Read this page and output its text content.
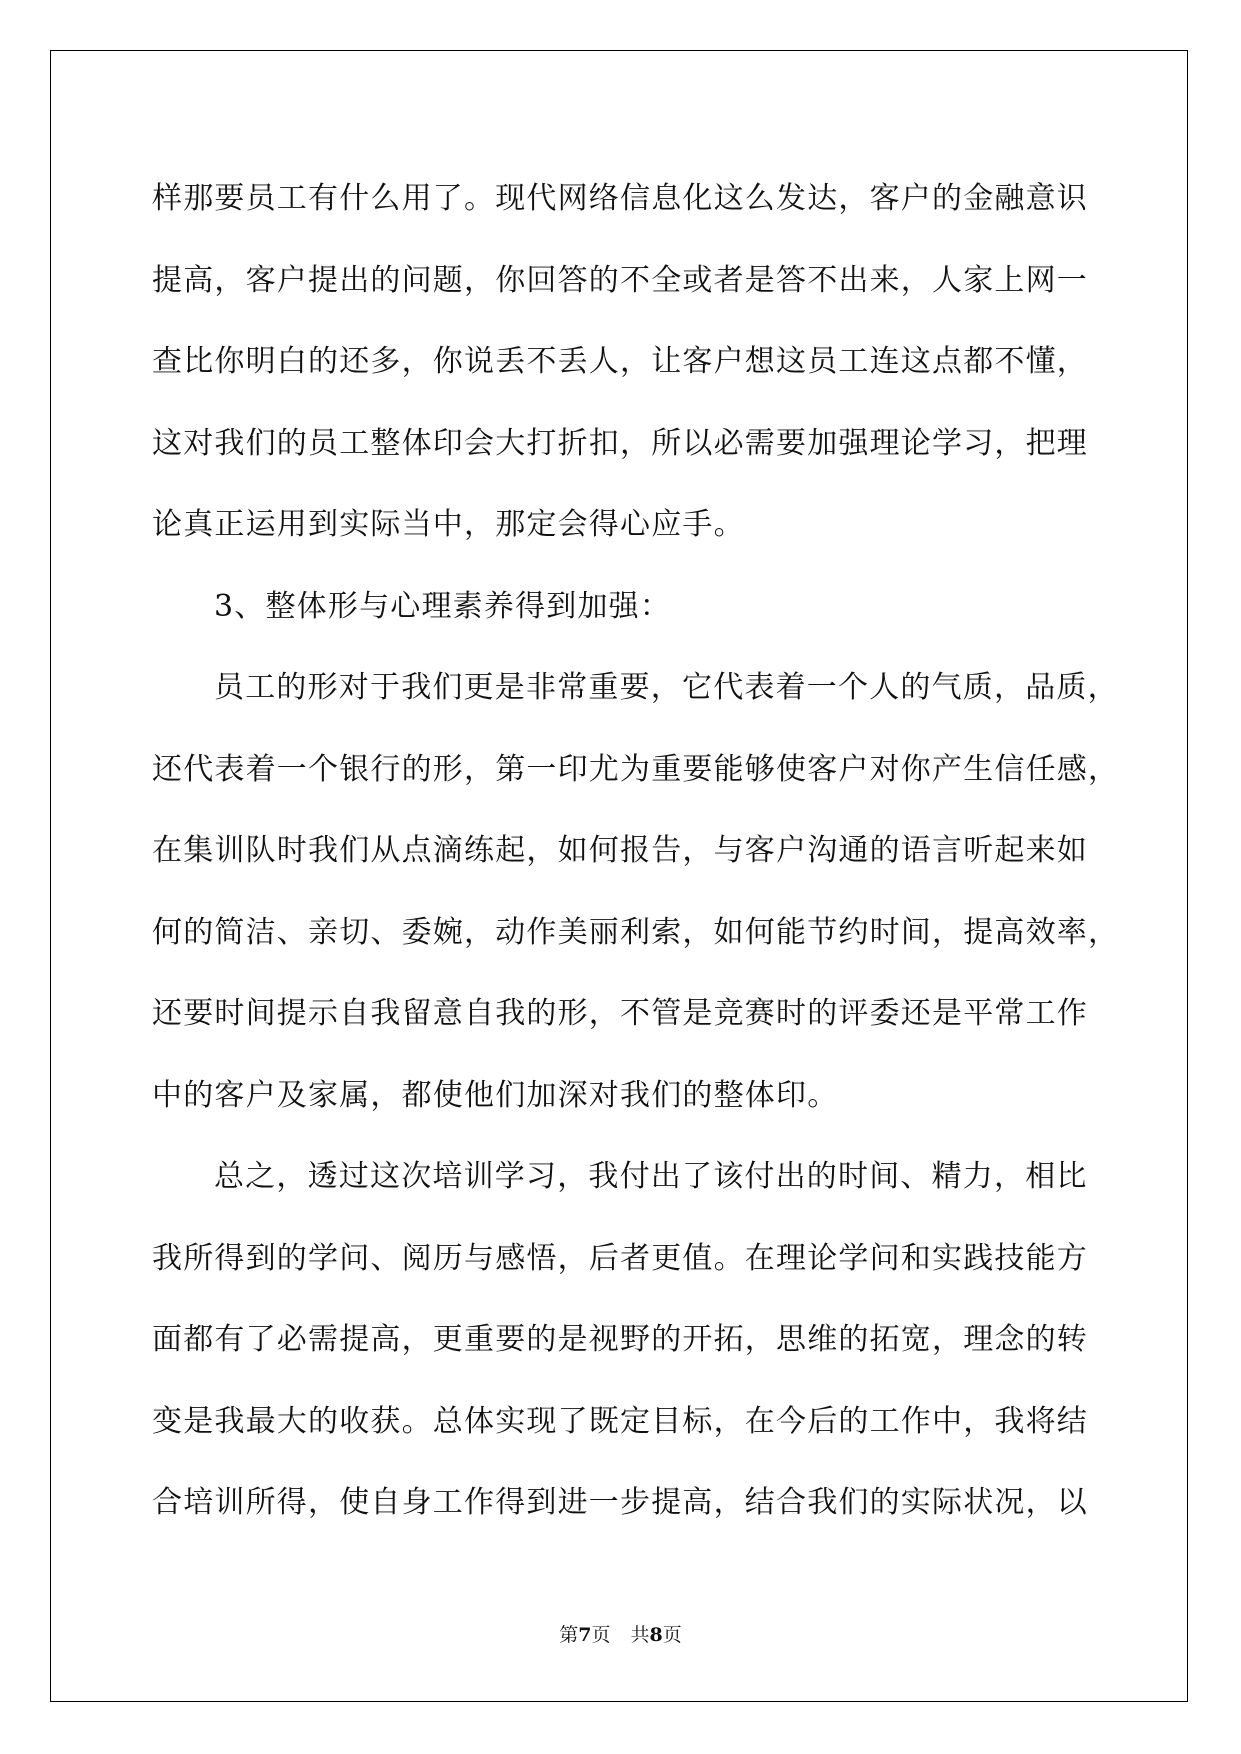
样那要员工有什么用了。现代网络信息化这么发达，客户的金融意识
提高，客户提出的问题，你回答的不全或者是答不出来，人家上网一
查比你明白的还多，你说丢不丢人，让客户想这员工连这点都不懂，
这对我们的员工整体印会大打折扣，所以必需要加强理论学习，把理
论真正运用到实际当中，那定会得心应手。
3、整体形与心理素养得到加强：
员工的形对于我们更是非常重要，它代表着一个人的气质，品质，
还代表着一个银行的形，第一印尤为重要能够使客户对你产生信任感，
在集训队时我们从点滴练起，如何报告，与客户沟通的语言听起来如
何的简洁、亲切、委婉，动作美丽利索，如何能节约时间，提高效率，
还要时间提示自我留意自我的形，不管是竞赛时的评委还是平常工作
中的客户及家属，都使他们加深对我们的整体印。
总之，透过这次培训学习，我付出了该付出的时间、精力，相比
我所得到的学问、阅历与感悟，后者更值。在理论学问和实践技能方
面都有了必需提高，更重要的是视野的开拓，思维的拓宽，理念的转
变是我最大的收获。总体实现了既定目标，在今后的工作中，我将结
合培训所得，使自身工作得到进一步提高，结合我们的实际状况，以
第7页 共8页
